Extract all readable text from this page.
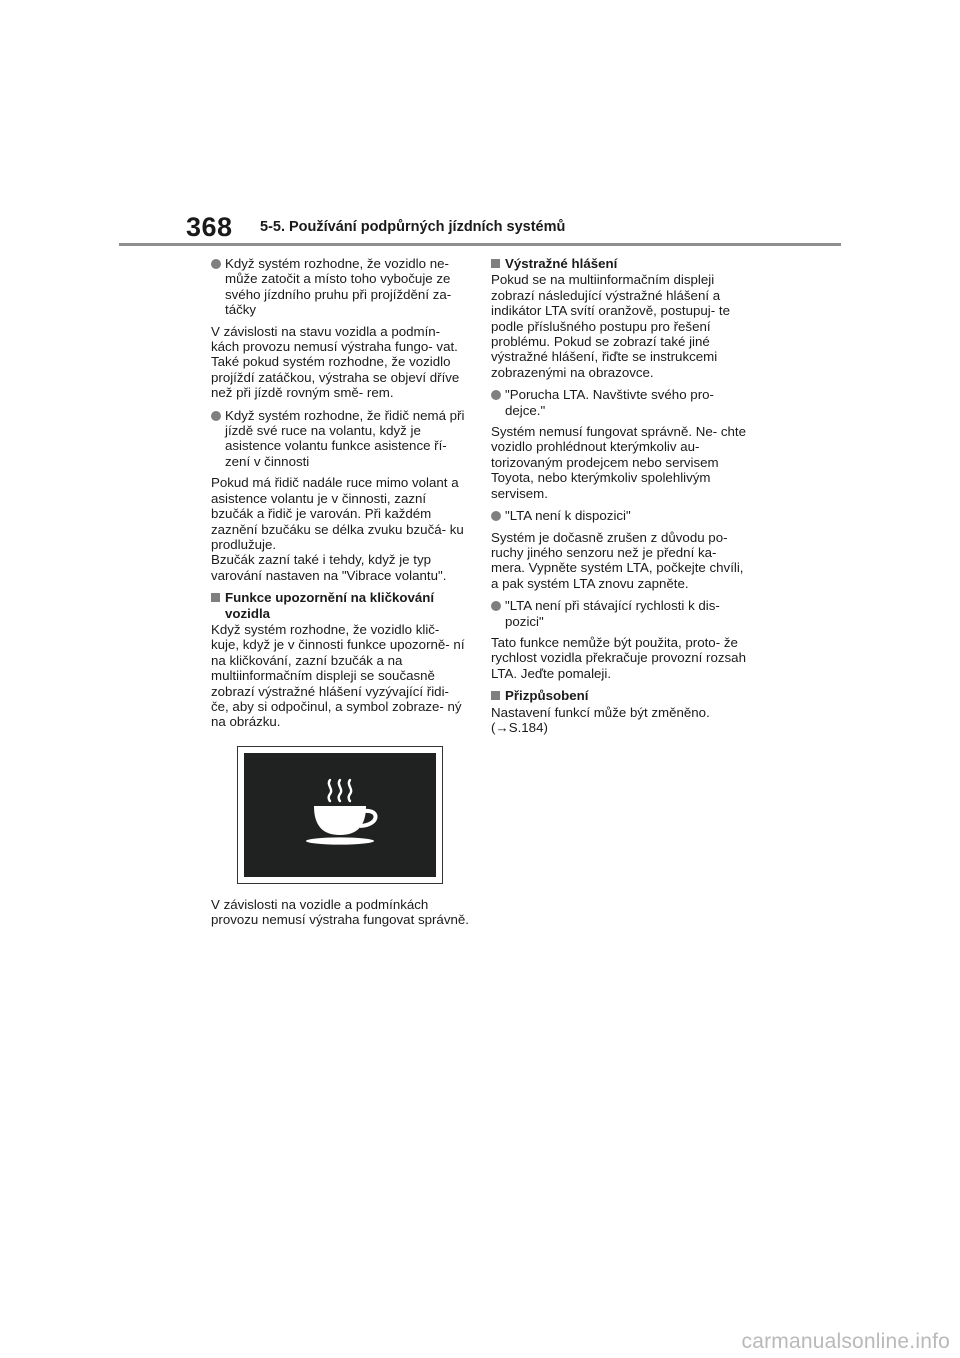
368 5-5. Používání podpůrných jízdních systémů
Když systém rozhodne, že vozidlo ne- může zatočit a místo toho vybočuje ze svého jízdního pruhu při projíždění za- táčky
V závislosti na stavu vozidla a podmín- kách provozu nemusí výstraha fungo- vat. Také pokud systém rozhodne, že vozidlo projíždí zatáčkou, výstraha se objeví dříve než při jízdě rovným smě- rem.
Když systém rozhodne, že řidič nemá při jízdě své ruce na volantu, když je asistence volantu funkce asistence ří- zení v činnosti
Pokud má řidič nadále ruce mimo volant a asistence volantu je v činnosti, zazní bzučák a řidič je varován. Při každém zaznění bzučáku se délka zvuku bzučá- ku prodlužuje.
Bzučák zazní také i tehdy, když je typ varování nastaven na "Vibrace volantu".
Funkce upozornění na kličkování vozidla
Když systém rozhodne, že vozidlo klič- kuje, když je v činnosti funkce upozorně- ní na kličkování, zazní bzučák a na multiinformačním displeji se současně zobrazí výstražné hlášení vyzývající řidi- če, aby si odpočinul, a symbol zobraze- ný na obrázku.
V závislosti na vozidle a podmínkách provozu nemusí výstraha fungovat správně.
Výstražné hlášení
Pokud se na multiinformačním displeji zobrazí následující výstražné hlášení a indikátor LTA svítí oranžově, postupuj- te podle příslušného postupu pro řešení problému. Pokud se zobrazí také jiné výstražné hlášení, řiďte se instrukcemi zobrazenými na obrazovce.
"Porucha LTA. Navštivte svého pro- dejce."
Systém nemusí fungovat správně. Ne- chte vozidlo prohlédnout kterýmkoliv au- torizovaným prodejcem nebo servisem Toyota, nebo kterýmkoliv spolehlivým servisem.
"LTA není k dispozici"
Systém je dočasně zrušen z důvodu po- ruchy jiného senzoru než je přední ka- mera. Vypněte systém LTA, počkejte chvíli, a pak systém LTA znovu zapněte.
"LTA není při stávající rychlosti k dis- pozici"
Tato funkce nemůže být použita, proto- že rychlost vozidla překračuje provozní rozsah LTA. Jeďte pomaleji.
Přizpůsobení
Nastavení funkcí může být změněno. (→S.184)
carmanualsonline.info
